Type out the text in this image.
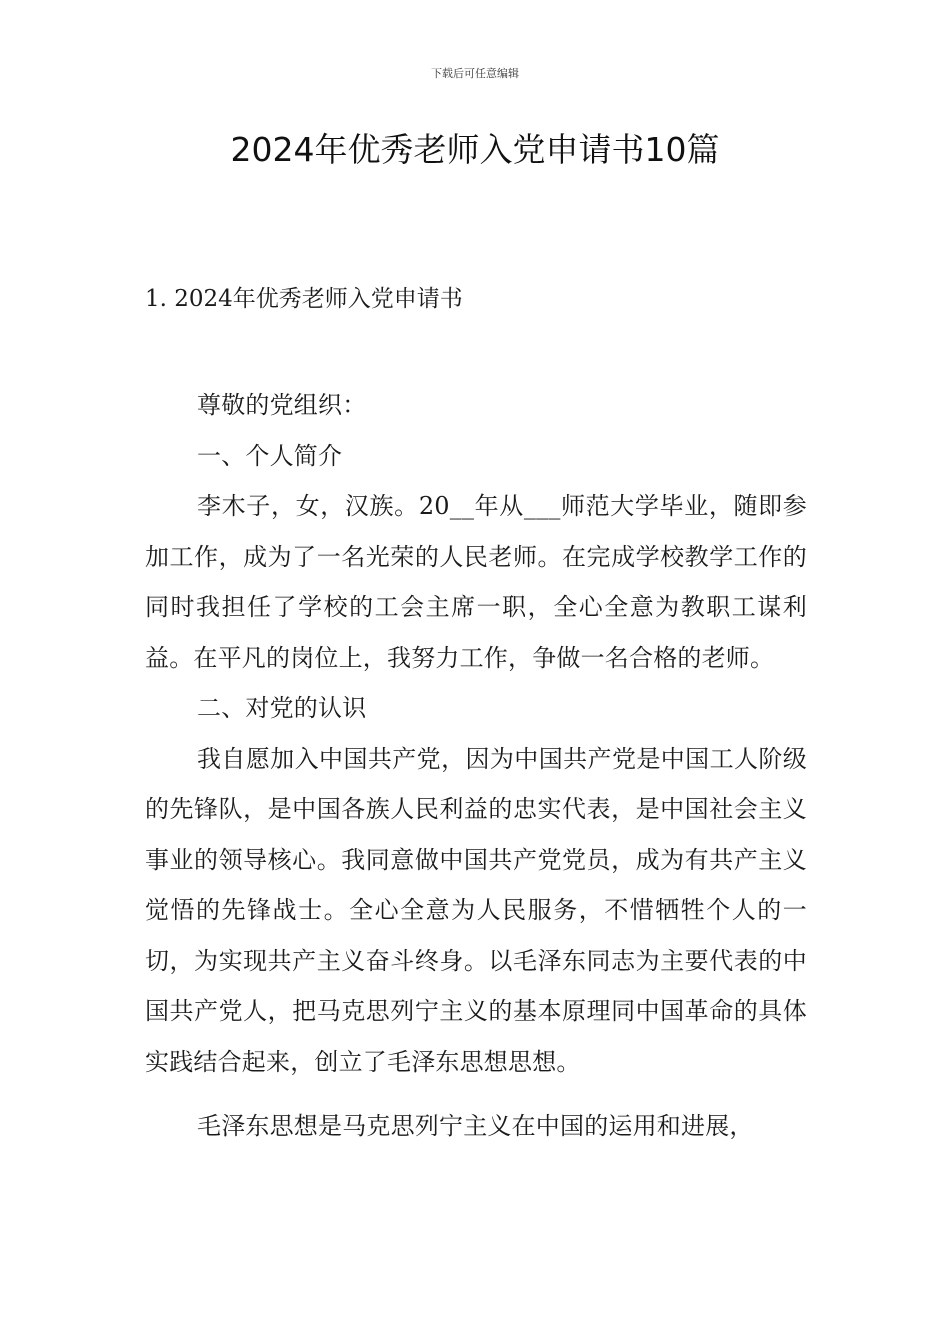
下载后可任意编辑
2024年优秀老师入党申请书10篇
1. 2024年优秀老师入党申请书

尊敬的党组织：

一、个人简介

李木子，女，汉族。20__年从___师范大学毕业，随即参加工作，成为了一名光荣的人民老师。在完成学校教学工作的同时我担任了学校的工会主席一职，全心全意为教职工谋利益。在平凡的岗位上，我努力工作，争做一名合格的老师。

二、对党的认识

我自愿加入中国共产党，因为中国共产党是中国工人阶级的先锋队，是中国各族人民利益的忠实代表，是中国社会主义事业的领导核心。我同意做中国共产党党员，成为有共产主义觉悟的先锋战士。全心全意为人民服务，不惜牺牲个人的一切，为实现共产主义奋斗终身。以毛泽东同志为主要代表的中国共产党人，把马克思列宁主义的基本原理同中国革命的具体实践结合起来，创立了毛泽东思想思想。

毛泽东思想是马克思列宁主义在中国的运用和进展，
